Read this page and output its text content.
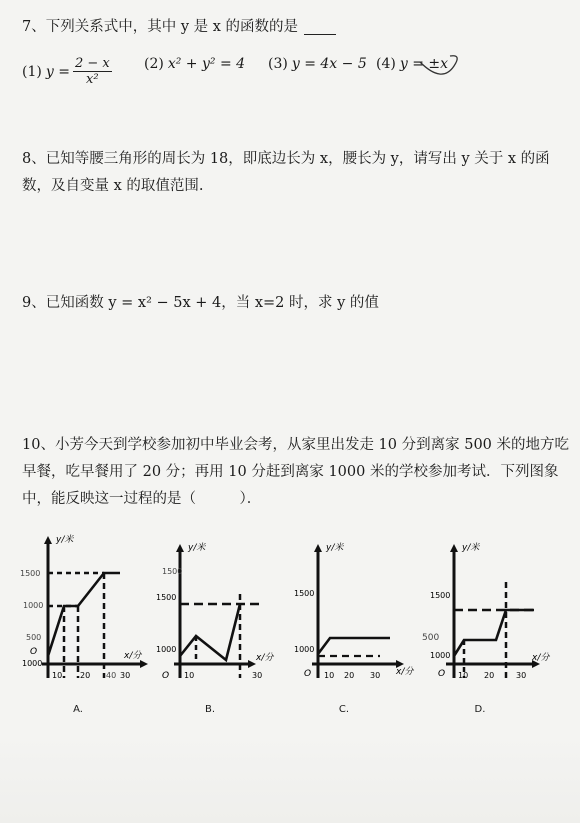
7、下列关系式中，其中 y 是 x 的函数的是
(1) $y = \frac{2 - x}{\text{x²}} (2) x^2 + y^2 = 4$ (3) y = 4x − 5 (4) y = ±x
8、已知等腰三角形的周长为 18，即底边长为 x，腰长为 y，请写出 y 关于 x 的函数，及自变量 x 的取值范围.
9、已知函数 y = x² − 5x + 4，当 x=2 时，求 y 的值
10、小芳今天到学校参加初中毕业会考，从家里出发走 10 分到离家 500 米的地方吃早餐，吃早餐用了 20 分；再用 10 分赶到离家 1000 米的学校参加考试．下列图象中，能反映这一过程的是（　　　）．
y/米
x/分
O
1000
10 20	30
1500
1000
500
40
A.
y/米
x/分
O
1500
1000
10	30
1500
B.
y/米
x/分
O
1500
1000
10 20 30
C.
y/米
x/分
O
1500
1000
10 20	30
500
D.
